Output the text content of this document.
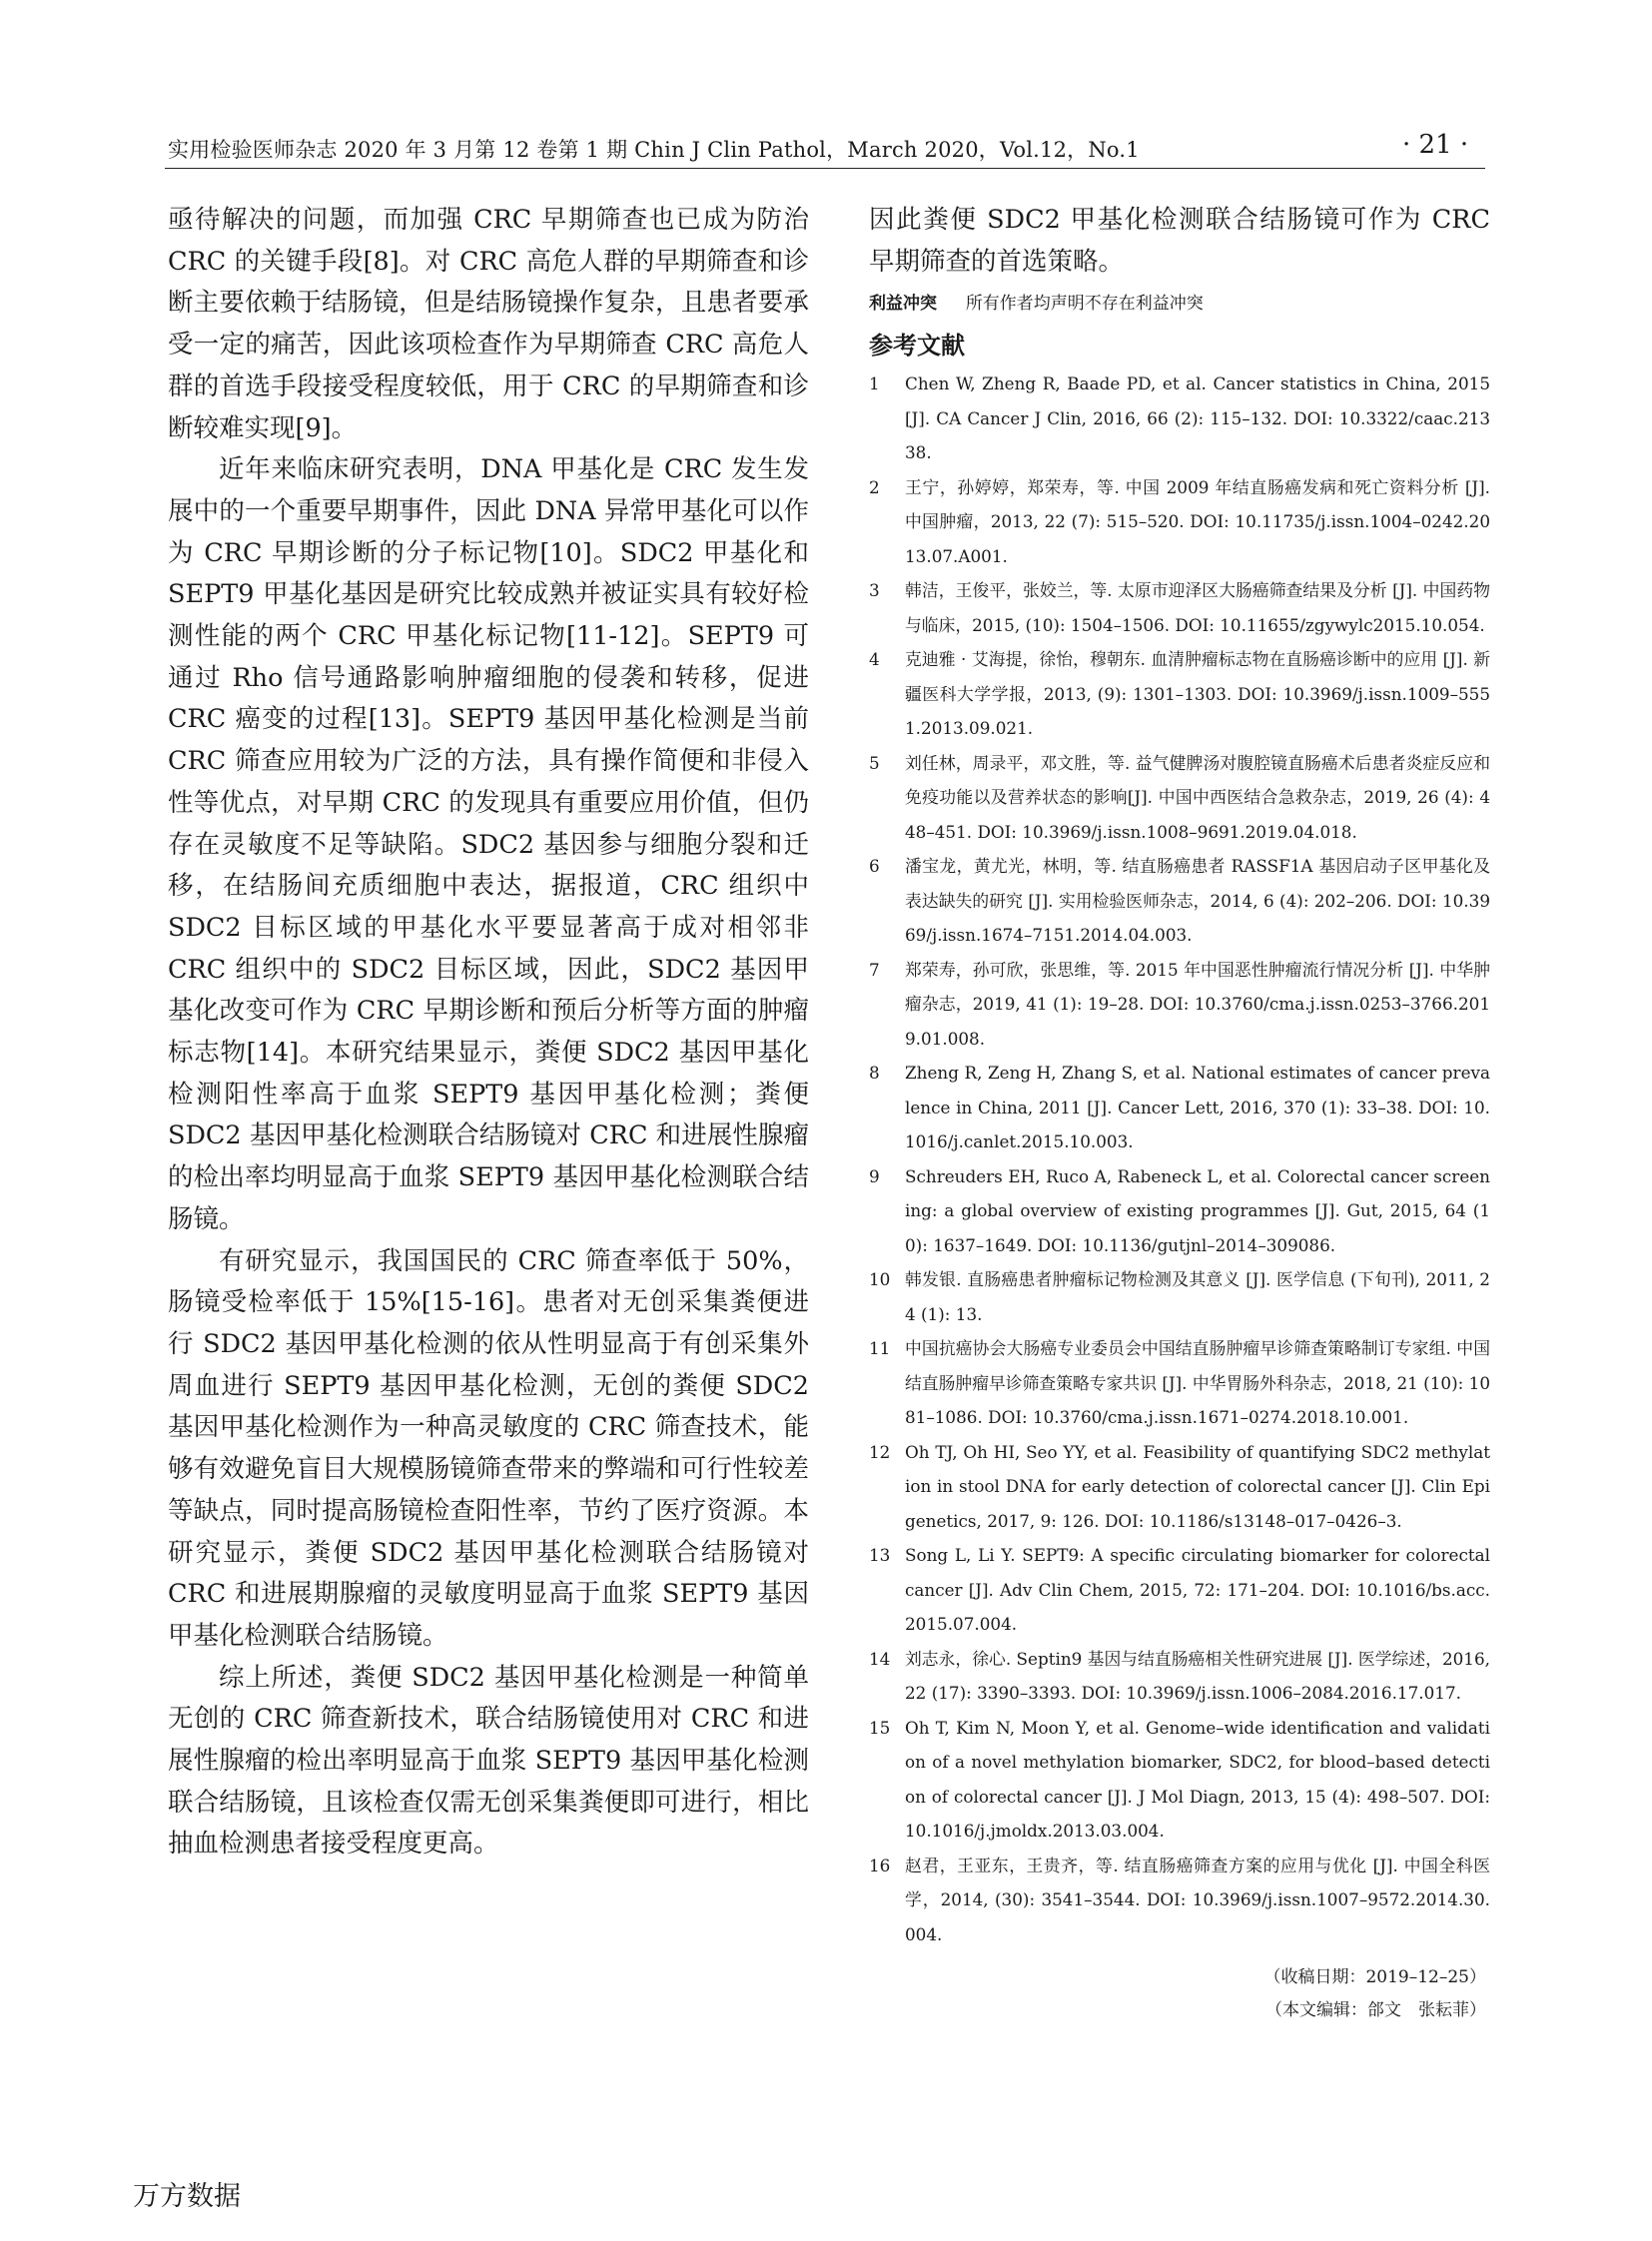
实用检验医师杂志 2020 年 3 月第 12 卷第 1 期 Chin J Clin Pathol，March 2020，Vol.12，No.1	· 21 ·

亟待解决的问题，而加强 CRC 早期筛查也已成为防治 CRC 的关键手段[8]。对 CRC 高危人群的早期筛查和诊断主要依赖于结肠镜，但是结肠镜操作复杂，且患者要承受一定的痛苦，因此该项检查作为早期筛查 CRC 高危人群的首选手段接受程度较低，用于 CRC 的早期筛查和诊断较难实现[9]。

近年来临床研究表明，DNA 甲基化是 CRC 发生发展中的一个重要早期事件，因此 DNA 异常甲基化可以作为 CRC 早期诊断的分子标记物[10]。SDC2 甲基化和 SEPT9 甲基化基因是研究比较成熟并被证实具有较好检测性能的两个 CRC 甲基化标记物[11-12]。SEPT9 可通过 Rho 信号通路影响肿瘤细胞的侵袭和转移，促进 CRC 癌变的过程[13]。SEPT9 基因甲基化检测是当前 CRC 筛查应用较为广泛的方法，具有操作简便和非侵入性等优点，对早期 CRC 的发现具有重要应用价值，但仍存在灵敏度不足等缺陷。SDC2 基因参与细胞分裂和迁移，在结肠间充质细胞中表达，据报道，CRC 组织中 SDC2 目标区域的甲基化水平要显著高于成对相邻非 CRC 组织中的 SDC2 目标区域，因此，SDC2 基因甲基化改变可作为 CRC 早期诊断和预后分析等方面的肿瘤标志物[14]。本研究结果显示，粪便 SDC2 基因甲基化检测阳性率高于血浆 SEPT9 基因甲基化检测；粪便 SDC2 基因甲基化检测联合结肠镜对 CRC 和进展性腺瘤的检出率均明显高于血浆 SEPT9 基因甲基化检测联合结肠镜。

有研究显示，我国国民的 CRC 筛查率低于 50%，肠镜受检率低于 15%[15-16]。患者对无创采集粪便进行 SDC2 基因甲基化检测的依从性明显高于有创采集外周血进行 SEPT9 基因甲基化检测，无创的粪便 SDC2 基因甲基化检测作为一种高灵敏度的 CRC 筛查技术，能够有效避免盲目大规模肠镜筛查带来的弊端和可行性较差等缺点，同时提高肠镜检查阳性率，节约了医疗资源。本研究显示，粪便 SDC2 基因甲基化检测联合结肠镜对 CRC 和进展期腺瘤的灵敏度明显高于血浆 SEPT9 基因甲基化检测联合结肠镜。

综上所述，粪便 SDC2 基因甲基化检测是一种简单无创的 CRC 筛查新技术，联合结肠镜使用对 CRC 和进展性腺瘤的检出率明显高于血浆 SEPT9 基因甲基化检测联合结肠镜，且该检查仅需无创采集粪便即可进行，相比抽血检测患者接受程度更高。

因此粪便 SDC2 甲基化检测联合结肠镜可作为 CRC 早期筛查的首选策略。

利益冲突 所有作者均声明不存在利益冲突
参考文献
1 Chen W, Zheng R, Baade PD, et al. Cancer statistics in China, 2015 [J]. CA Cancer J Clin, 2016, 66 (2): 115–132. DOI: 10.3322/caac.21338.
2 王宁，孙婷婷，郑荣寿，等. 中国 2009 年结直肠癌发病和死亡资料分析 [J]. 中国肿瘤，2013, 22 (7): 515–520. DOI: 10.11735/j.issn.1004–0242.2013.07.A001.
3 韩洁，王俊平，张姣兰，等. 太原市迎泽区大肠癌筛查结果及分析 [J]. 中国药物与临床，2015, (10): 1504–1506. DOI: 10.11655/zgywylc2015.10.054.
4 克迪雅 · 艾海提，徐怡，穆朝东. 血清肿瘤标志物在直肠癌诊断中的应用 [J]. 新疆医科大学学报，2013, (9): 1301–1303. DOI: 10.3969/j.issn.1009–5551.2013.09.021.
5 刘任林，周录平，邓文胜，等. 益气健脾汤对腹腔镜直肠癌术后患者炎症反应和免疫功能以及营养状态的影响[J]. 中国中西医结合急救杂志，2019, 26 (4): 448–451. DOI: 10.3969/j.issn.1008–9691.2019.04.018.
6 潘宝龙，黄尤光，林明，等. 结直肠癌患者 RASSF1A 基因启动子区甲基化及表达缺失的研究 [J]. 实用检验医师杂志，2014, 6 (4): 202–206. DOI: 10.3969/j.issn.1674–7151.2014.04.003.
7 郑荣寿，孙可欣，张思维，等. 2015 年中国恶性肿瘤流行情况分析 [J]. 中华肿瘤杂志，2019, 41 (1): 19–28. DOI: 10.3760/cma.j.issn.0253–3766.2019.01.008.
8 Zheng R, Zeng H, Zhang S, et al. National estimates of cancer prevalence in China, 2011 [J]. Cancer Lett, 2016, 370 (1): 33–38. DOI: 10.1016/j.canlet.2015.10.003.
9 Schreuders EH, Ruco A, Rabeneck L, et al. Colorectal cancer screening: a global overview of existing programmes [J]. Gut, 2015, 64 (10): 1637–1649. DOI: 10.1136/gutjnl–2014–309086.
10 韩发银. 直肠癌患者肿瘤标记物检测及其意义 [J]. 医学信息 (下旬刊), 2011, 24 (1): 13.
11 中国抗癌协会大肠癌专业委员会中国结直肠肿瘤早诊筛查策略制订专家组. 中国结直肠肿瘤早诊筛查策略专家共识 [J]. 中华胃肠外科杂志，2018, 21 (10): 1081–1086. DOI: 10.3760/cma.j.issn.1671–0274.2018.10.001.
12 Oh TJ, Oh HI, Seo YY, et al. Feasibility of quantifying SDC2 methylation in stool DNA for early detection of colorectal cancer [J]. Clin Epigenetics, 2017, 9: 126. DOI: 10.1186/s13148–017–0426–3.
13 Song L, Li Y. SEPT9: A specific circulating biomarker for colorectal cancer [J]. Adv Clin Chem, 2015, 72: 171–204. DOI: 10.1016/bs.acc.2015.07.004.
14 刘志永，徐心. Septin9 基因与结直肠癌相关性研究进展 [J]. 医学综述，2016, 22 (17): 3390–3393. DOI: 10.3969/j.issn.1006–2084.2016.17.017.
15 Oh T, Kim N, Moon Y, et al. Genome–wide identification and validation of a novel methylation biomarker, SDC2, for blood–based detection of colorectal cancer [J]. J Mol Diagn, 2013, 15 (4): 498–507. DOI: 10.1016/j.jmoldx.2013.03.004.
16 赵君，王亚东，王贵齐，等. 结直肠癌筛查方案的应用与优化 [J]. 中国全科医学，2014, (30): 3541–3544. DOI: 10.3969/j.issn.1007–9572.2014.30.004.
（收稿日期：2019–12–25）
（本文编辑：郃文　张耘菲）
万方数据
